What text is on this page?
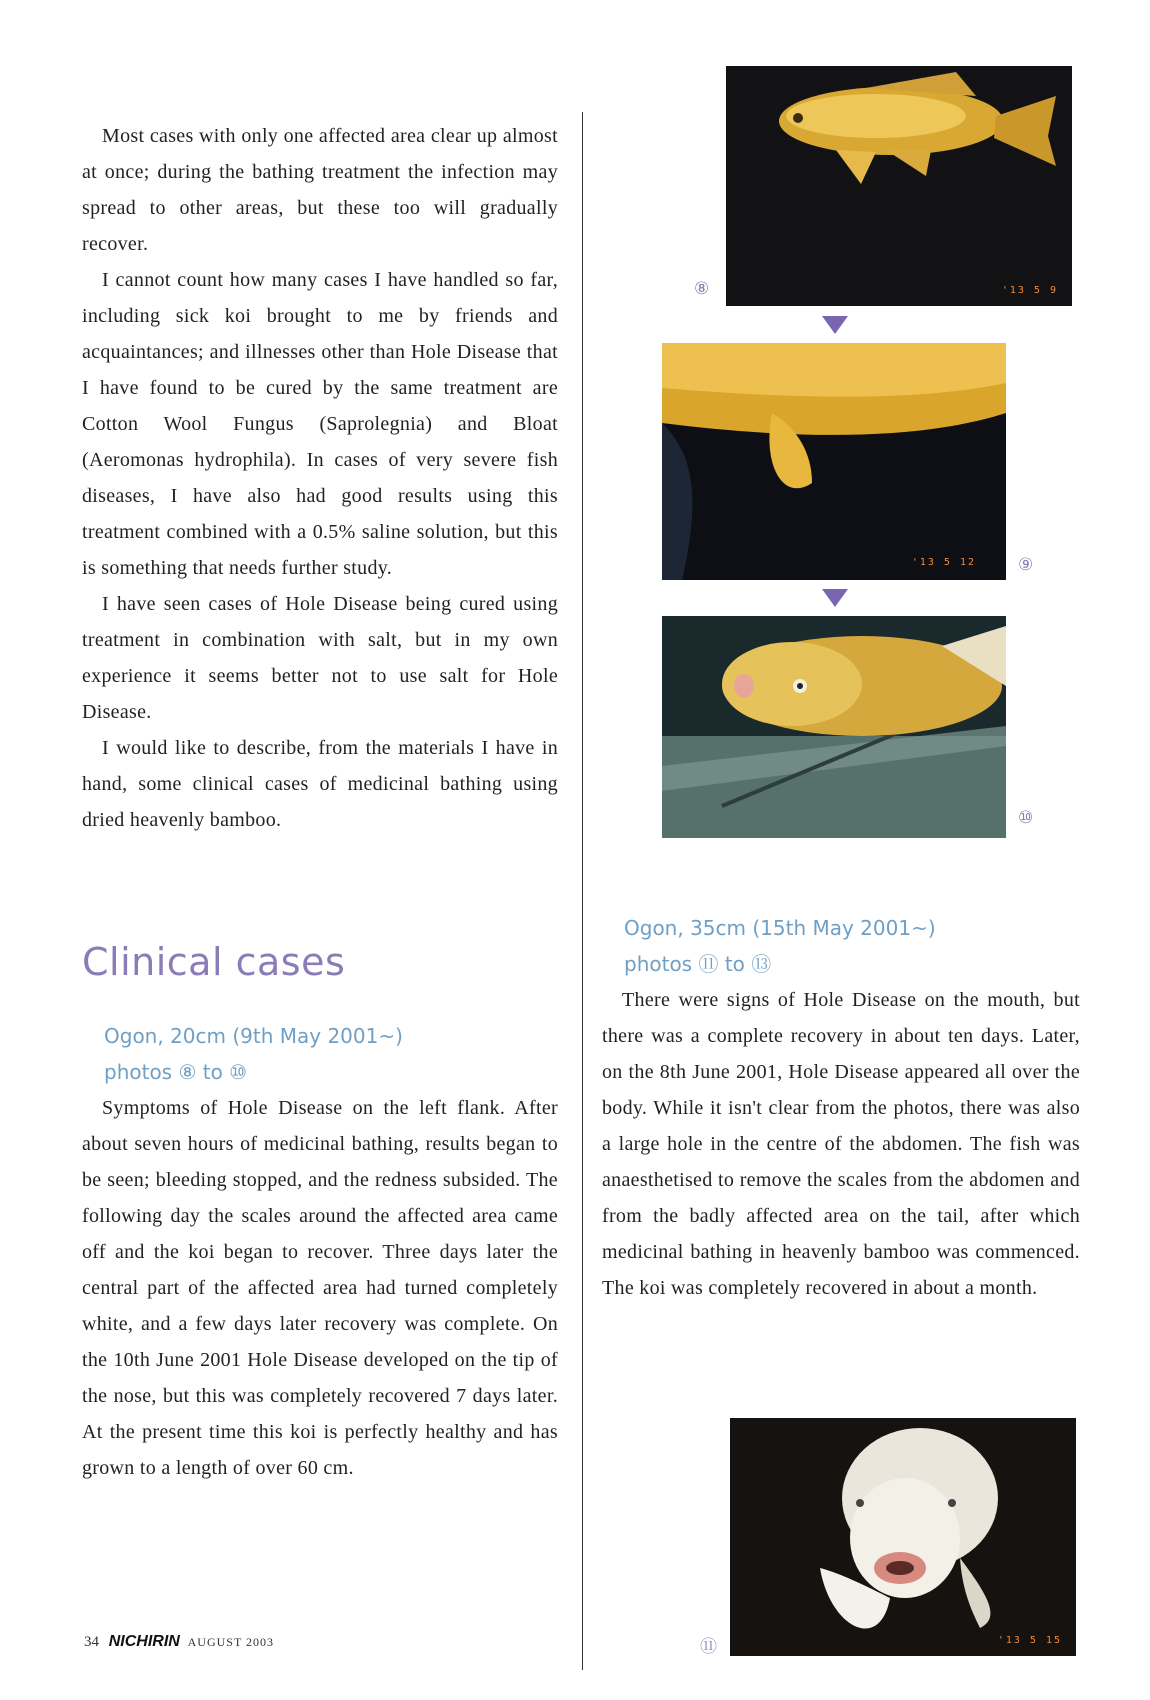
Most cases with only one affected area clear up almost at once; during the bathing treatment the infection may spread to other areas, but these too will gradually recover.

I cannot count how many cases I have handled so far, including sick koi brought to me by friends and acquaintances; and illnesses other than Hole Disease that I have found to be cured by the same treatment are Cotton Wool Fungus (Saprolegnia) and Bloat (Aeromonas hydrophila). In cases of very severe fish diseases, I have also had good results using this treatment combined with a 0.5% saline solution, but this is something that needs further study.

I have seen cases of Hole Disease being cured using treatment in combination with salt, but in my own experience it seems better not to use salt for Hole Disease.

I would like to describe, from the materials I have in hand, some clinical cases of medicinal bathing using dried heavenly bamboo.

Clinical cases

Ogon, 20cm (9th May 2001~)

photos ⑧ to ⑩

Symptoms of Hole Disease on the left flank. After about seven hours of medicinal bathing, results began to be seen; bleeding stopped, and the redness subsided. The following day the scales around the affected area came off and the koi began to recover. Three days later the central part of the affected area had turned completely white, and a few days later recovery was complete. On the 10th June 2001 Hole Disease developed on the tip of the nose, but this was completely recovered 7 days later. At the present time this koi is perfectly healthy and has grown to a length of over 60 cm.

'13 5 9
⑧
'13 5 12 ⑨
⑩

Ogon, 35cm (15th May 2001~)

photos ⑪ to ⑬

There were signs of Hole Disease on the mouth, but there was a complete recovery in about ten days. Later, on the 8th June 2001, Hole Disease appeared all over the body. While it isn't clear from the photos, there was also a large hole in the centre of the abdomen. The fish was anaesthetised to remove the scales from the abdomen and from the badly affected area on the tail, after which medicinal bathing in heavenly bamboo was commenced. The koi was completely recovered in about a month.

'13 5 15
⑪
34 NICHIRIN AUGUST 2003
